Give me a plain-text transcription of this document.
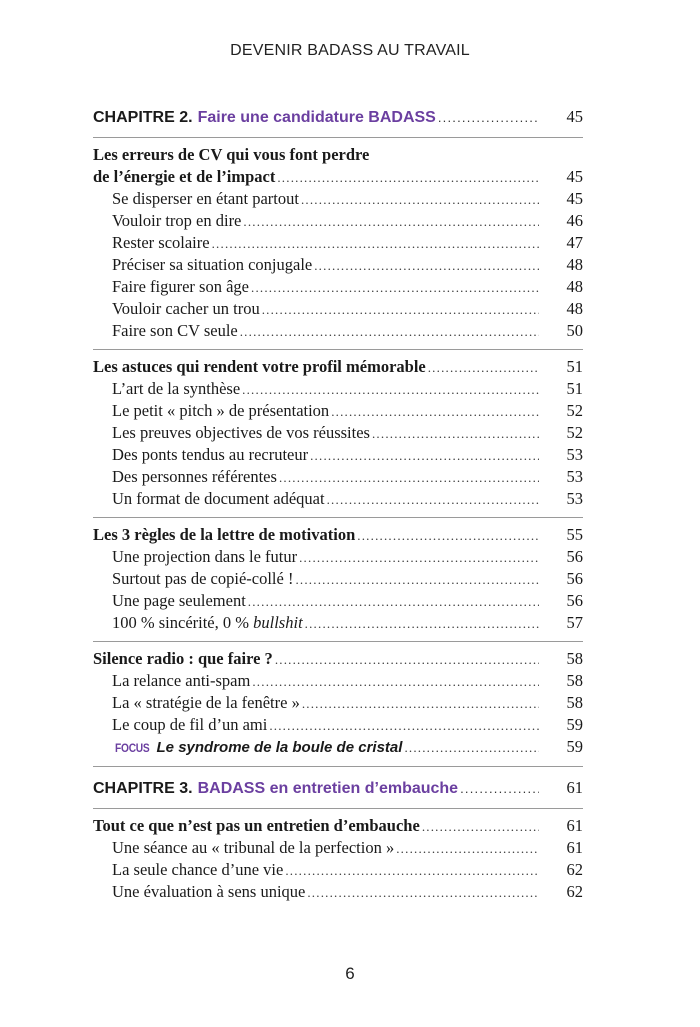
DEVENIR BADASS AU TRAVAIL
CHAPITRE 2. Faire une candidature BADASS .....	45
Les erreurs de CV qui vous font perdre
de l’énergie et de l’impact .....	45
Se disperser en étant partout .....	45
Vouloir trop en dire .....	46
Rester scolaire .....	47
Préciser sa situation conjugale .....	48
Faire figurer son âge .....	48
Vouloir cacher un trou .....	48
Faire son CV seule .....	50
Les astuces qui rendent votre profil mémorable .....	51
L’art de la synthèse .....	51
Le petit « pitch » de présentation .....	52
Les preuves objectives de vos réussites .....	52
Des ponts tendus au recruteur .....	53
Des personnes référentes .....	53
Un format de document adéquat .....	53
Les 3 règles de la lettre de motivation .....	55
Une projection dans le futur .....	56
Surtout pas de copié-collé ! .....	56
Une page seulement .....	56
100 % sincérité, 0 % bullshit .....	57
Silence radio : que faire ? .....	58
La relance anti-spam .....	58
La « stratégie de la fenêtre » .....	58
Le coup de fil d’un ami .....	59
FOCUS Le syndrome de la boule de cristal .....	59
CHAPITRE 3. BADASS en entretien d’embauche .....	61
Tout ce que n’est pas un entretien d’embauche .....	61
Une séance au « tribunal de la perfection » .....	61
La seule chance d’une vie .....	62
Une évaluation à sens unique .....	62
6
